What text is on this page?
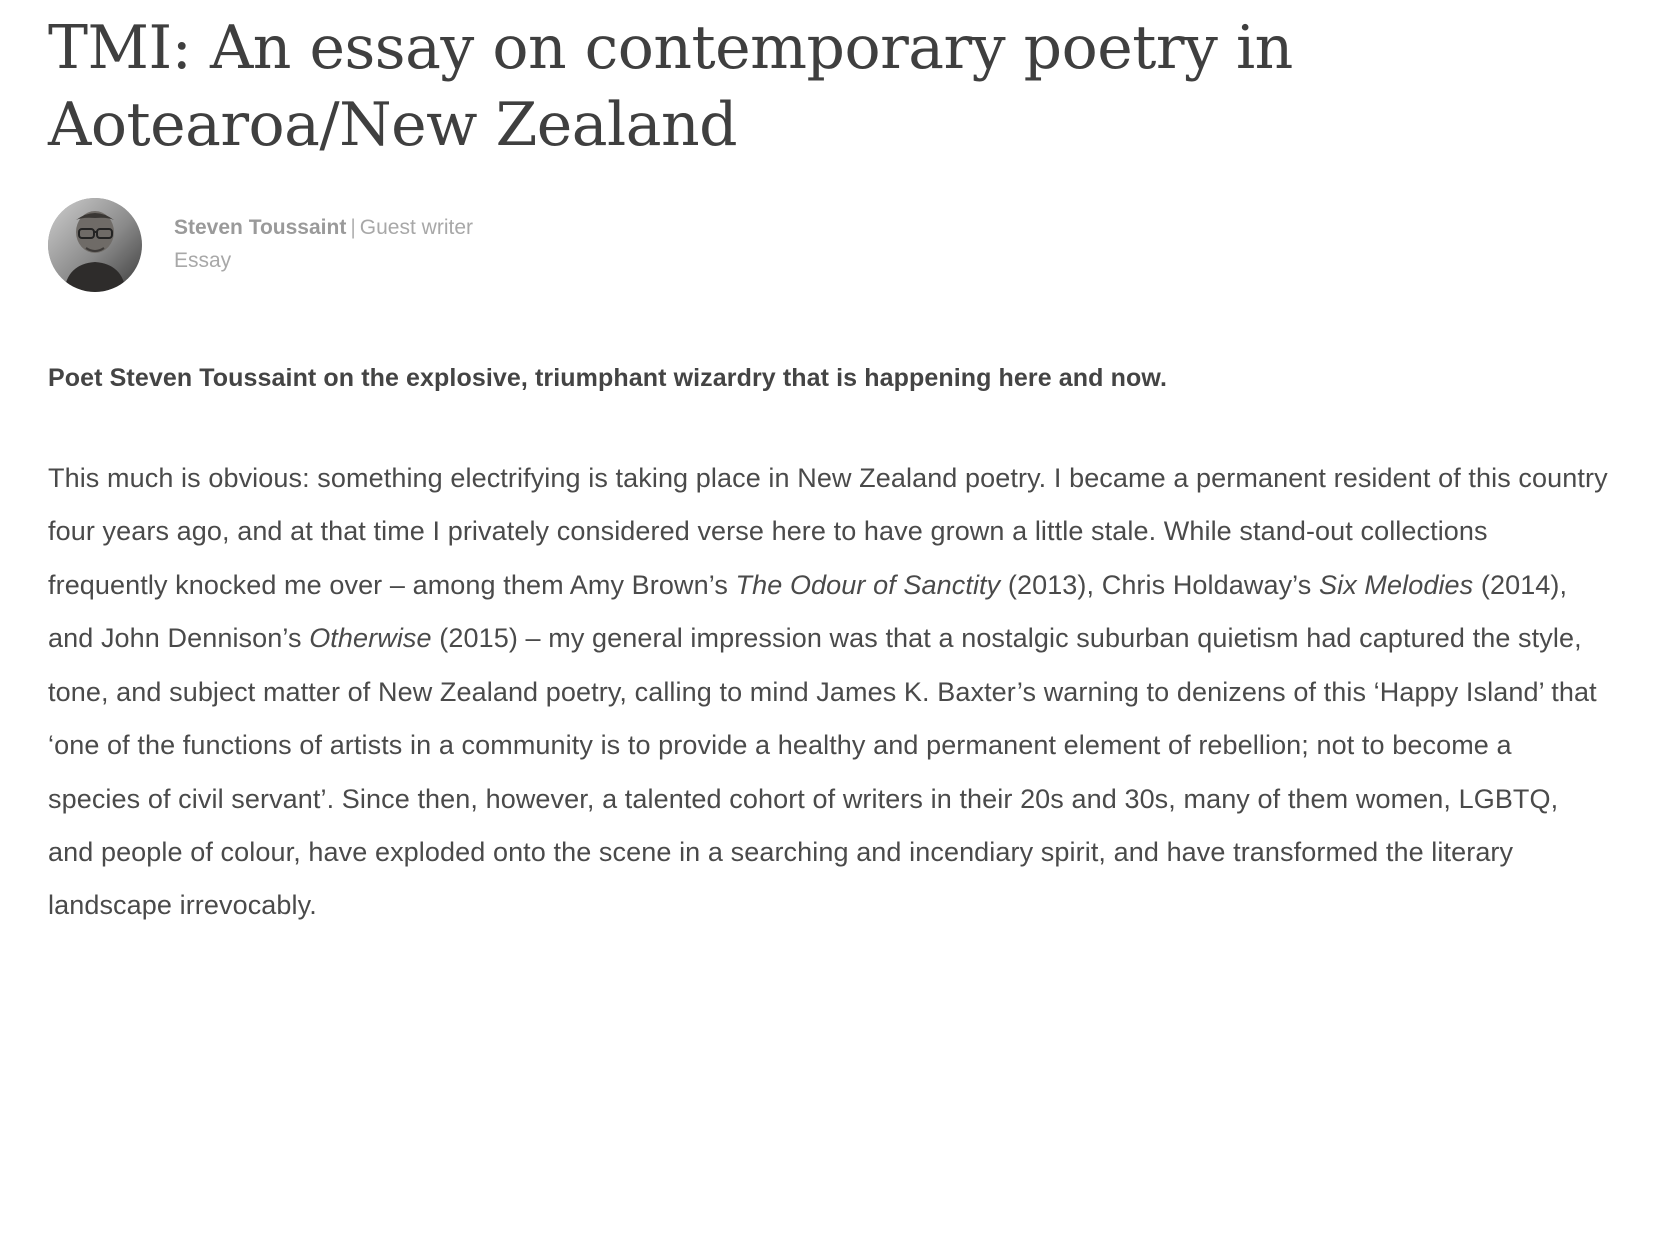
TMI: An essay on contemporary poetry in Aotearoa/New Zealand
Steven Toussaint | Guest writer
Essay

Poet Steven Toussaint on the explosive, triumphant wizardry that is happening here and now.

This much is obvious: something electrifying is taking place in New Zealand poetry. I became a permanent resident of this country four years ago, and at that time I privately considered verse here to have grown a little stale. While stand-out collections frequently knocked me over – among them Amy Brown’s The Odour of Sanctity (2013), Chris Holdaway’s Six Melodies (2014), and John Dennison’s Otherwise (2015) – my general impression was that a nostalgic suburban quietism had captured the style, tone, and subject matter of New Zealand poetry, calling to mind James K. Baxter’s warning to denizens of this ‘Happy Island’ that ‘one of the functions of artists in a community is to provide a healthy and permanent element of rebellion; not to become a species of civil servant’. Since then, however, a talented cohort of writers in their 20s and 30s, many of them women, LGBTQ, and people of colour, have exploded onto the scene in a searching and incendiary spirit, and have transformed the literary landscape irrevocably.
